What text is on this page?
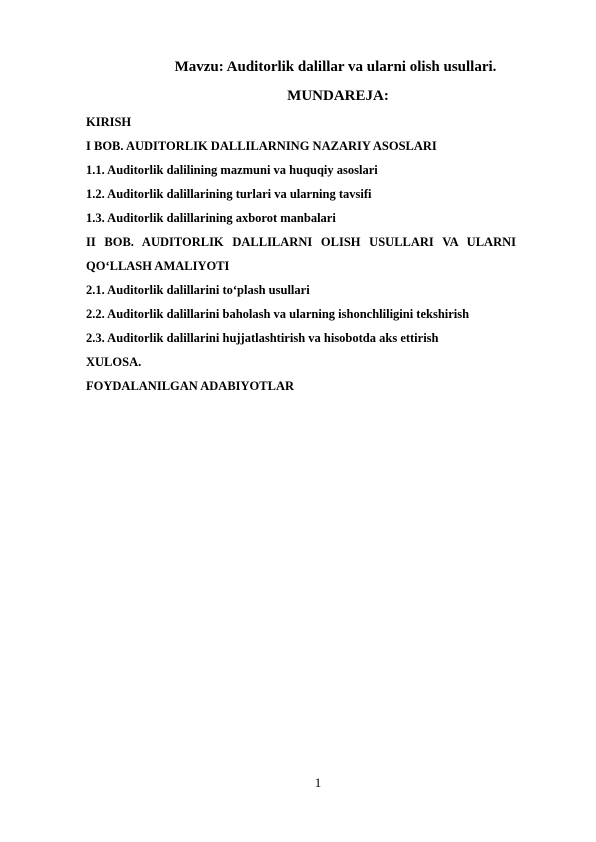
Mavzu: Auditorlik dalillar va ularni olish usullari.
MUNDAREJA:
KIRISH
I BOB. AUDITORLIK DALLILARNING NAZARIY ASOSLARI
1.1. Auditorlik dalilining mazmuni va huquqiy asoslari
1.2. Auditorlik dalillarining turlari va ularning tavsifi
1.3. Auditorlik dalillarining axborot manbalari
II BOB. AUDITORLIK DALLILARNI OLISH USULLARI VA ULARNI
QO‘LLASH AMALIYOTI
2.1. Auditorlik dalillarini to‘plash usullari
2.2. Auditorlik dalillarini baholash va ularning ishonchliligini tekshirish
2.3. Auditorlik dalillarini hujjatlashtirish va hisobotda aks ettirish
XULOSA.
FOYDALANILGAN ADABIYOTLAR
1
